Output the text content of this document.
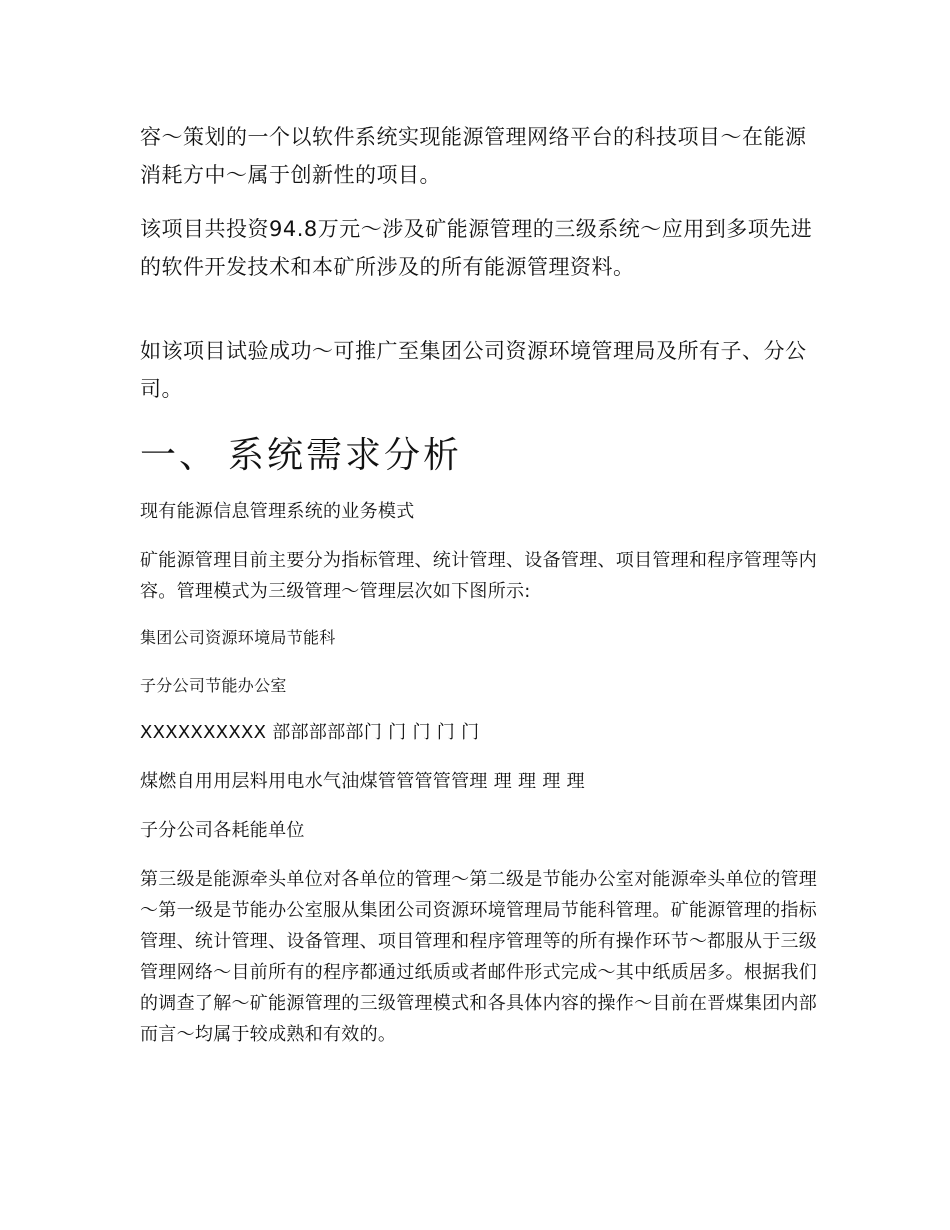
容～策划的一个以软件系统实现能源管理网络平台的科技项目～在能源消耗方中～属于创新性的项目。

该项目共投资94.8万元～涉及矿能源管理的三级系统～应用到多项先进的软件开发技术和本矿所涉及的所有能源管理资料。

如该项目试验成功～可推广至集团公司资源环境管理局及所有子、分公司。

一、 系统需求分析

现有能源信息管理系统的业务模式

矿能源管理目前主要分为指标管理、统计管理、设备管理、项目管理和程序管理等内容。管理模式为三级管理～管理层次如下图所示:

集团公司资源环境局节能科

子分公司节能办公室

XXXXXXXXXX 部部部部部门 门 门 门 门

煤燃自用用层料用电水气油煤管管管管管理 理 理 理 理

子分公司各耗能单位

第三级是能源牵头单位对各单位的管理～第二级是节能办公室对能源牵头单位的管理～第一级是节能办公室服从集团公司资源环境管理局节能科管理。矿能源管理的指标管理、统计管理、设备管理、项目管理和程序管理等的所有操作环节～都服从于三级管理网络～目前所有的程序都通过纸质或者邮件形式完成～其中纸质居多。根据我们的调查了解～矿能源管理的三级管理模式和各具体内容的操作～目前在晋煤集团内部而言～均属于较成熟和有效的。
